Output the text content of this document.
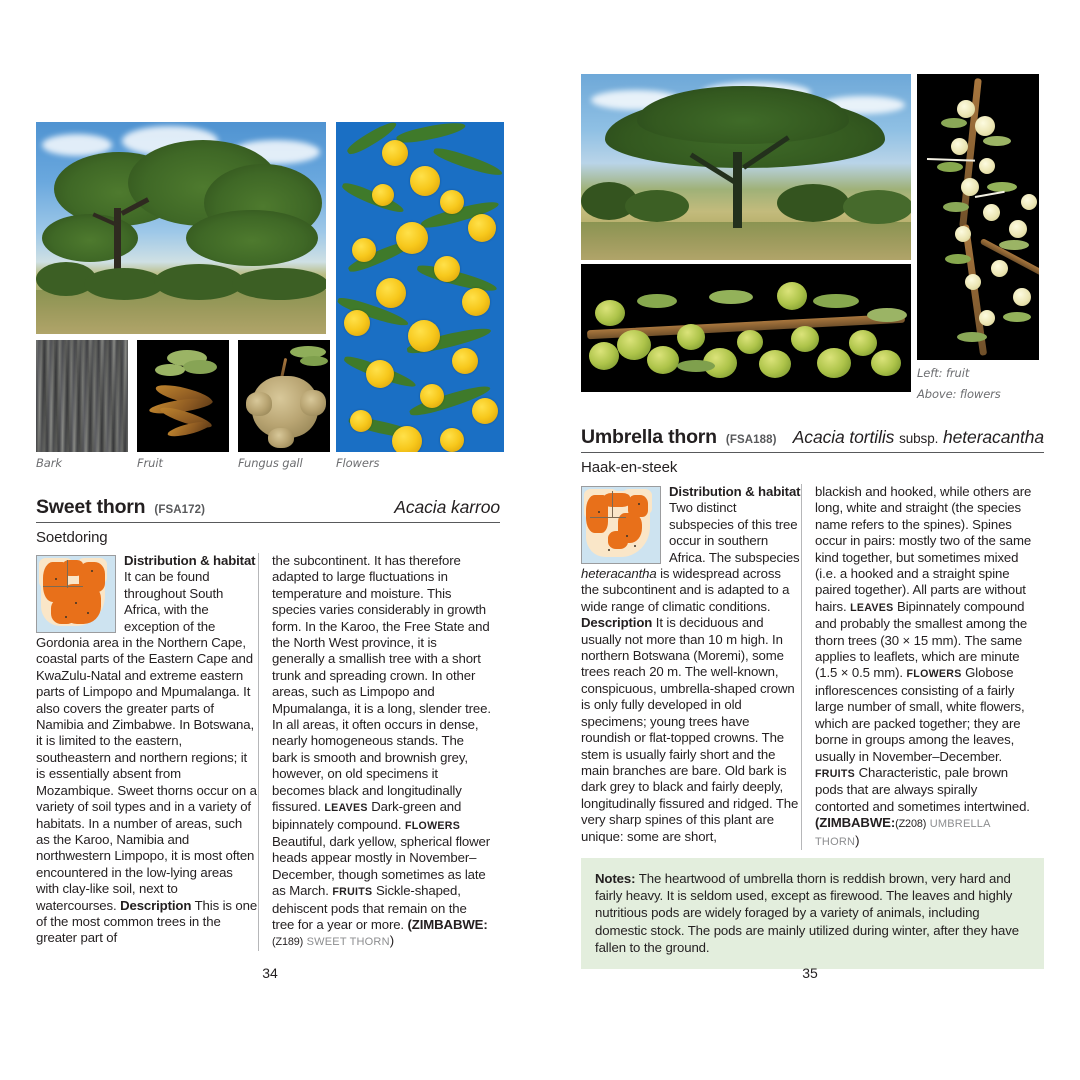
Bark	Fruit	Fungus gall	Flowers
Sweet thorn (FSA172)	Acacia karroo
Soetdoring
Distribution & habitat It can be found throughout South Africa, with the exception of the Gordonia area in the Northern Cape, coastal parts of the Eastern Cape and KwaZulu-Natal and extreme eastern parts of Limpopo and Mpumalanga. It also covers the greater parts of Namibia and Zimbabwe. In Botswana, it is limited to the eastern, southeastern and northern regions; it is essentially absent from Mozambique. Sweet thorns occur on a variety of soil types and in a variety of habitats. In a number of areas, such as the Karoo, Namibia and northwestern Limpopo, it is most often encountered in the low-lying areas with clay-like soil, next to watercourses. Description This is one of the most common trees in the greater part of
the subcontinent. It has therefore adapted to large fluctuations in temperature and moisture. This species varies considerably in growth form. In the Karoo, the Free State and the North West province, it is generally a smallish tree with a short trunk and spreading crown. In other areas, such as Limpopo and Mpumalanga, it is a long, slender tree. In all areas, it often occurs in dense, nearly homogeneous stands. The bark is smooth and brownish grey, however, on old specimens it becomes black and longitudinally fissured. LEAVES Dark-green and bipinnately compound. FLOWERS Beautiful, dark yellow, spherical flower heads appear mostly in November–December, though sometimes as late as March. FRUITS Sickle-shaped, dehiscent pods that remain on the tree for a year or more. (ZIMBABWE:(Z189) SWEET THORN)
34
Left: fruit
Above: flowers
Umbrella thorn (FSA188) Acacia tortilis subsp. heteracantha
Haak-en-steek
Distribution & habitat Two distinct subspecies of this tree occur in southern Africa. The subspecies heteracantha is widespread across the subcontinent and is adapted to a wide range of climatic conditions. Description It is deciduous and usually not more than 10 m high. In northern Botswana (Moremi), some trees reach 20 m. The well-known, conspicuous, umbrella-shaped crown is only fully developed in old specimens; young trees have roundish or flat-topped crowns. The stem is usually fairly short and the main branches are bare. Old bark is dark grey to black and fairly deeply, longitudinally fissured and ridged. The very sharp spines of this plant are unique: some are short,
blackish and hooked, while others are long, white and straight (the species name refers to the spines). Spines occur in pairs: mostly two of the same kind together, but sometimes mixed (i.e. a hooked and a straight spine paired together). All parts are without hairs. LEAVES Bipinnately compound and probably the smallest among the thorn trees (30 × 15 mm). The same applies to leaflets, which are minute (1.5 × 0.5 mm). FLOWERS Globose inflorescences consisting of a fairly large number of small, white flowers, which are packed together; they are borne in groups among the leaves, usually in November–December. FRUITS Characteristic, pale brown pods that are always spirally contorted and sometimes intertwined. (ZIMBABWE:(Z208) UMBRELLA THORN)
Notes: The heartwood of umbrella thorn is reddish brown, very hard and fairly heavy. It is seldom used, except as firewood. The leaves and highly nutritious pods are widely foraged by a variety of animals, including domestic stock. The pods are mainly utilized during winter, after they have fallen to the ground.
35
